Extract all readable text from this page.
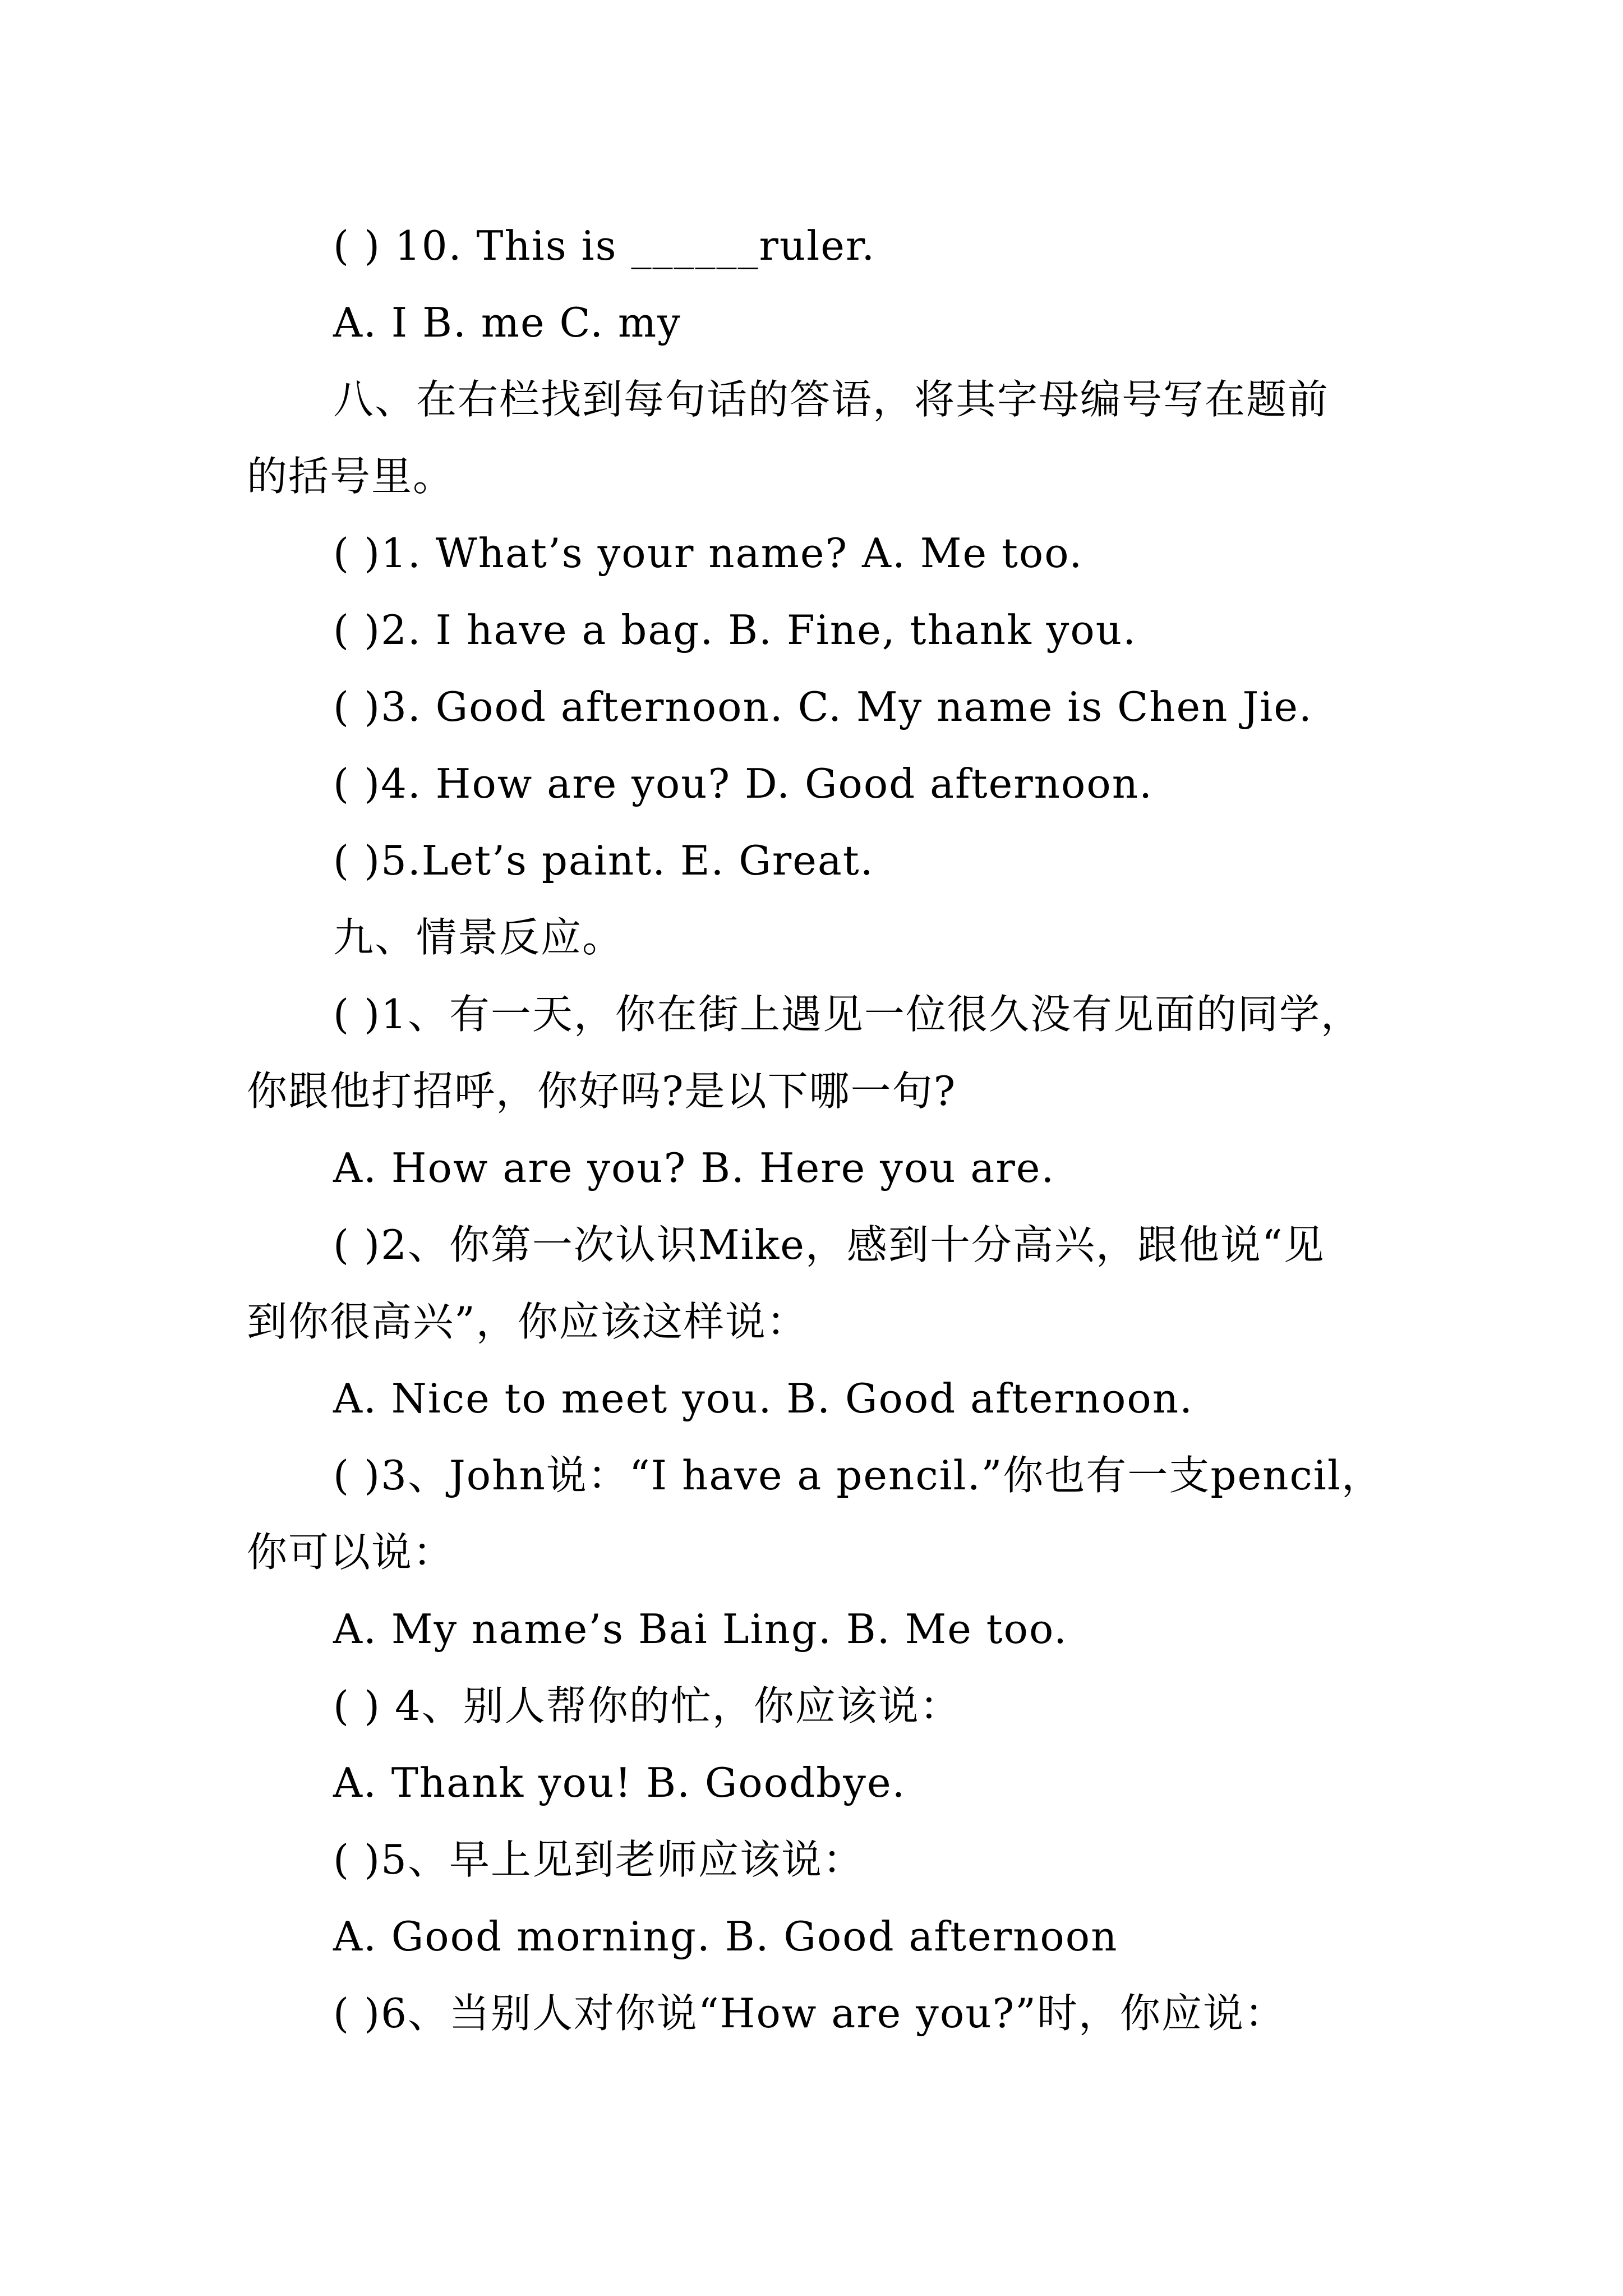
( ) 10. This is ______ruler.
A. I B. me C. my
八、在右栏找到每句话的答语，将其字母编号写在题前
的括号里。
( )1. What’s your name? A. Me too.
( )2. I have a bag. B. Fine, thank you.
( )3. Good afternoon. C. My name is Chen Jie.
( )4. How are you? D. Good afternoon.
( )5.Let’s paint. E. Great.
九、情景反应。
( )1、有一天，你在街上遇见一位很久没有见面的同学，
你跟他打招呼，你好吗?是以下哪一句?
A. How are you? B. Here you are.
( )2、你第一次认识Mike，感到十分高兴，跟他说“见
到你很高兴”，你应该这样说：
A. Nice to meet you. B. Good afternoon.
( )3、John说：“I have a pencil.”你也有一支pencil，
你可以说：
A. My name’s Bai Ling. B. Me too.
( ) 4、别人帮你的忙，你应该说：
A. Thank you! B. Goodbye.
( )5、早上见到老师应该说：
A. Good morning. B. Good afternoon
( )6、当别人对你说“How are you?”时，你应说：
